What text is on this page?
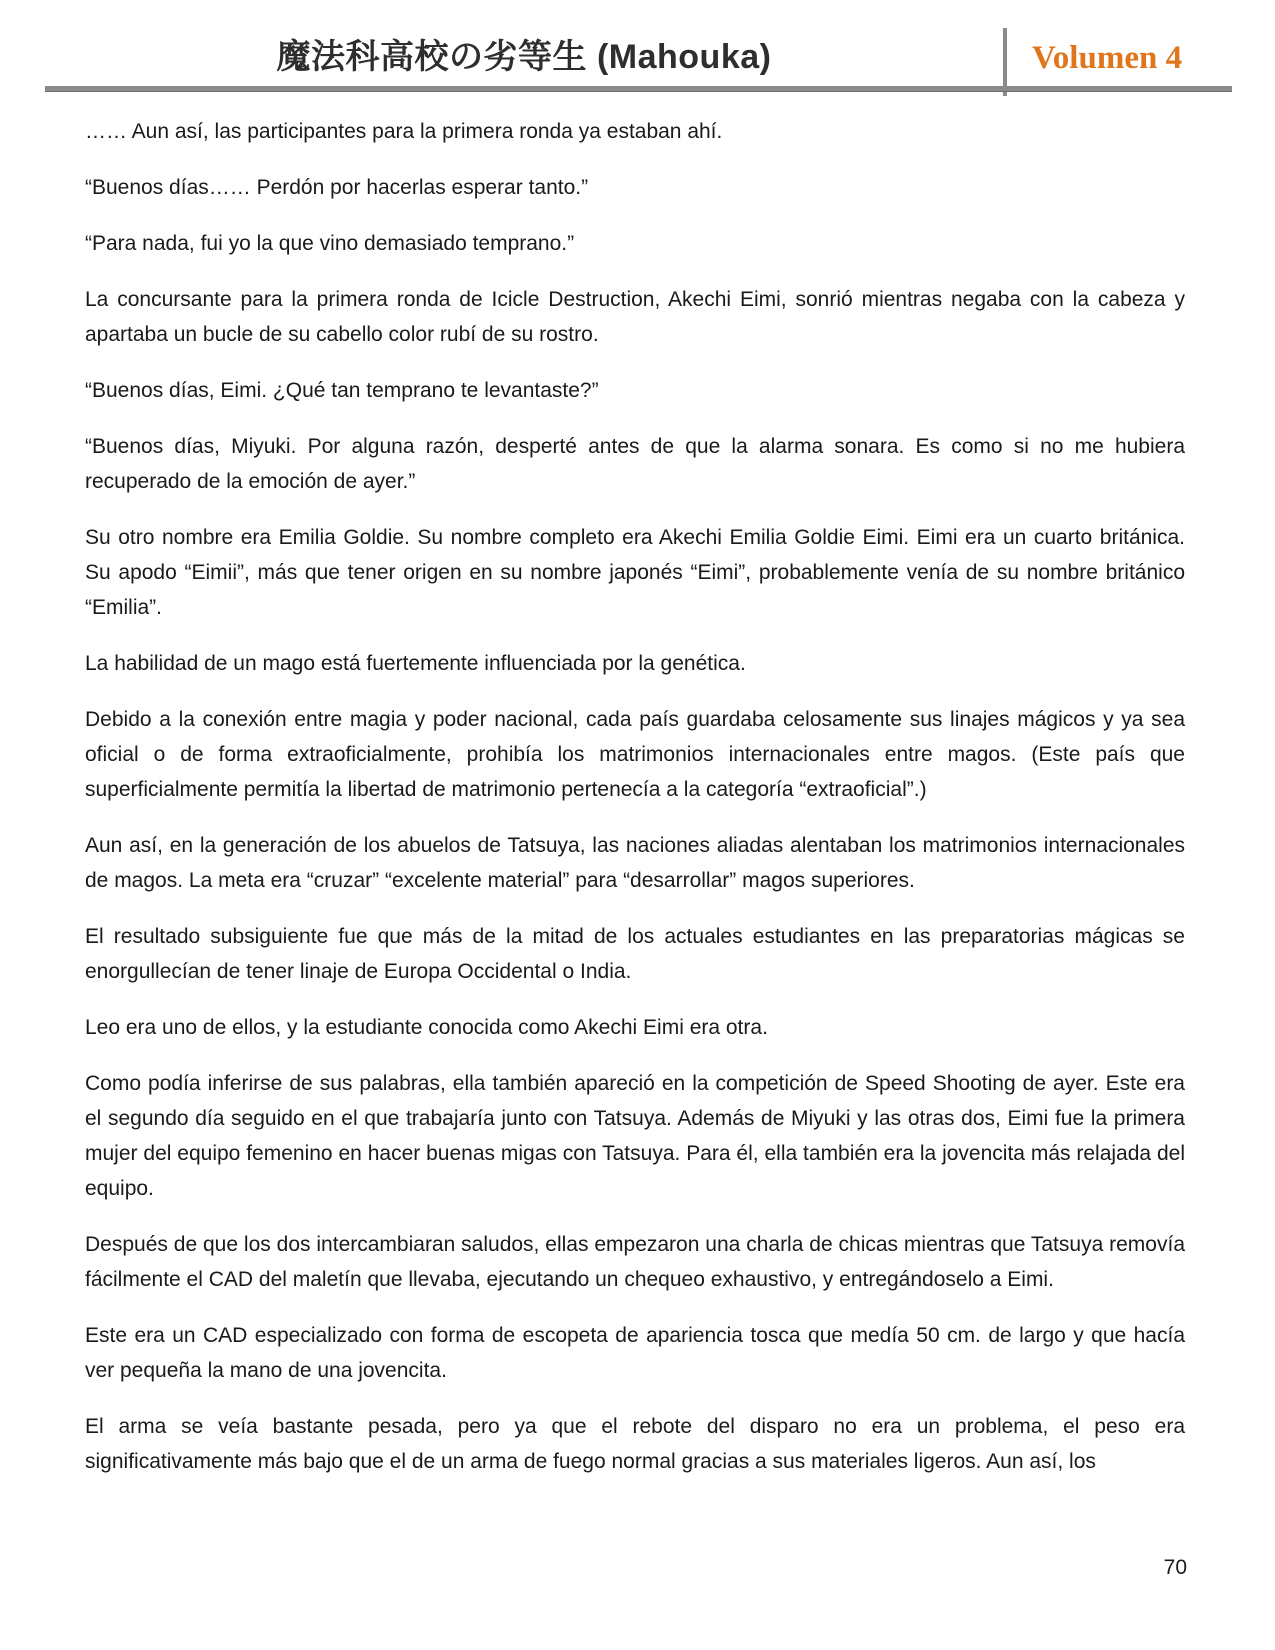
魔法科高校の劣等生 (Mahouka)	Volumen 4

…… Aun así, las participantes para la primera ronda ya estaban ahí.

“Buenos días…… Perdón por hacerlas esperar tanto.”

“Para nada, fui yo la que vino demasiado temprano.”

La concursante para la primera ronda de Icicle Destruction, Akechi Eimi, sonrió mientras negaba con la cabeza y apartaba un bucle de su cabello color rubí de su rostro.

“Buenos días, Eimi. ¿Qué tan temprano te levantaste?”

“Buenos días, Miyuki. Por alguna razón, desperté antes de que la alarma sonara. Es como si no me hubiera recuperado de la emoción de ayer.”

Su otro nombre era Emilia Goldie. Su nombre completo era Akechi Emilia Goldie Eimi. Eimi era un cuarto británica. Su apodo “Eimii”, más que tener origen en su nombre japonés “Eimi”, probablemente venía de su nombre británico “Emilia”.

La habilidad de un mago está fuertemente influenciada por la genética.

Debido a la conexión entre magia y poder nacional, cada país guardaba celosamente sus linajes mágicos y ya sea oficial o de forma extraoficialmente, prohibía los matrimonios internacionales entre magos. (Este país que superficialmente permitía la libertad de matrimonio pertenecía a la categoría “extraoficial”.)

Aun así, en la generación de los abuelos de Tatsuya, las naciones aliadas alentaban los matrimonios internacionales de magos. La meta era “cruzar” “excelente material” para “desarrollar” magos superiores.

El resultado subsiguiente fue que más de la mitad de los actuales estudiantes en las preparatorias mágicas se enorgullecían de tener linaje de Europa Occidental o India.

Leo era uno de ellos, y la estudiante conocida como Akechi Eimi era otra.

Como podía inferirse de sus palabras, ella también apareció en la competición de Speed Shooting de ayer. Este era el segundo día seguido en el que trabajaría junto con Tatsuya. Además de Miyuki y las otras dos, Eimi fue la primera mujer del equipo femenino en hacer buenas migas con Tatsuya. Para él, ella también era la jovencita más relajada del equipo.

Después de que los dos intercambiaran saludos, ellas empezaron una charla de chicas mientras que Tatsuya removía fácilmente el CAD del maletín que llevaba, ejecutando un chequeo exhaustivo, y entregándoselo a Eimi.

Este era un CAD especializado con forma de escopeta de apariencia tosca que medía 50 cm. de largo y que hacía ver pequeña la mano de una jovencita.

El arma se veía bastante pesada, pero ya que el rebote del disparo no era un problema, el peso era significativamente más bajo que el de un arma de fuego normal gracias a sus materiales ligeros. Aun así, los

70
